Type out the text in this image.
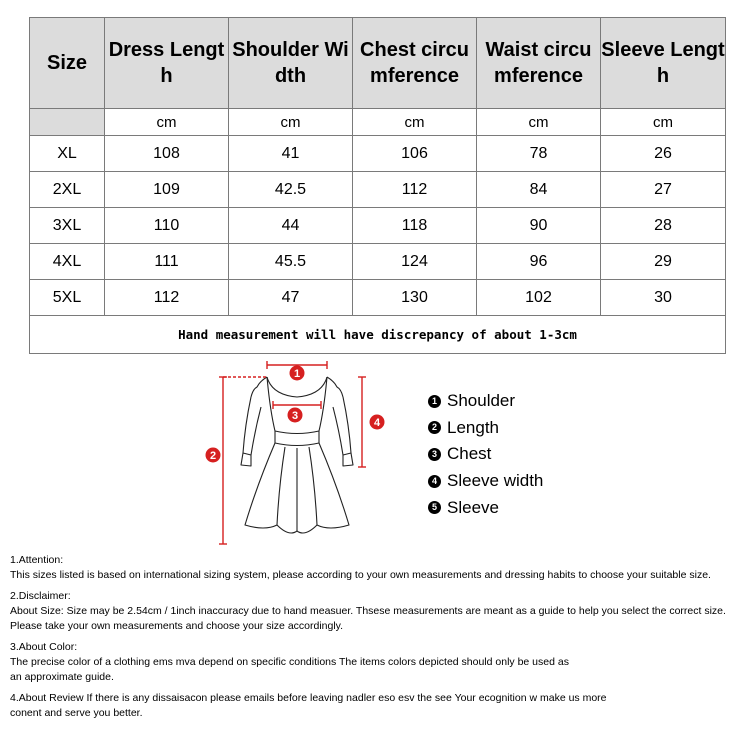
Size	Dress Length	Shoulder Width	Chest circumference	Waist circumference	Sleeve Length
	cm	cm	cm	cm	cm
XL	108	41	106	78	26
2XL	109	42.5	112	84	27
3XL	110	44	118	90	28
4XL	111	45.5	124	96	29
5XL	112	47	130	102	30
Hand measurement will have discrepancy of about 1-3cm					
1
2
3
4
1 Shoulder
2 Length
3 Chest
4 Sleeve width
5 Sleeve

1.Attention:

This sizes listed is based on international sizing system, please according to your own measurements and dressing habits to choose your suitable size.

2.Disclaimer:

About Size: Size may be 2.54cm / 1inch inaccuracy due to hand measuer. Thsese measurements are meant as a guide to help you select the correct size.

Please take your own measurements and choose your size accordingly.

3.About Color:

The precise color of a clothing ems mva depend on specific conditions The items colors depicted should only be used as

an approximate guide.

4.About Review If there is any dissaisacon please emails before leaving nadler eso esv the see Your ecognition w make us more

conent and serve you better.
